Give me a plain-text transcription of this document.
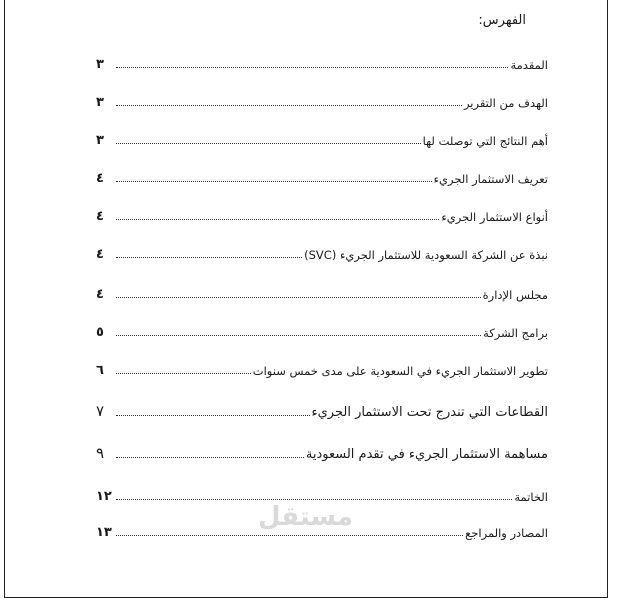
الفهرس:
المقدمة
٣
الهدف من التقرير
٣
أهم النتائج التي توصلت لها
٣
تعريف الاستثمار الجريء
٤
أنواع الاستثمار الجريء
٤
نبذة عن الشركة السعودية للاستثمار الجريء (SVC)
٤
مجلس الإدارة
٤
برامج الشركة
٥
تطوير الاستثمار الجريء في السعودية على مدى خمس سنوات
٦
القطاعات التي تندرج تحت الاستثمار الجريء
٧
مساهمة الاستثمار الجريء في تقدم السعودية
٩
الخاتمة
١٢
المصادر والمراجع
١٣
مستقل
